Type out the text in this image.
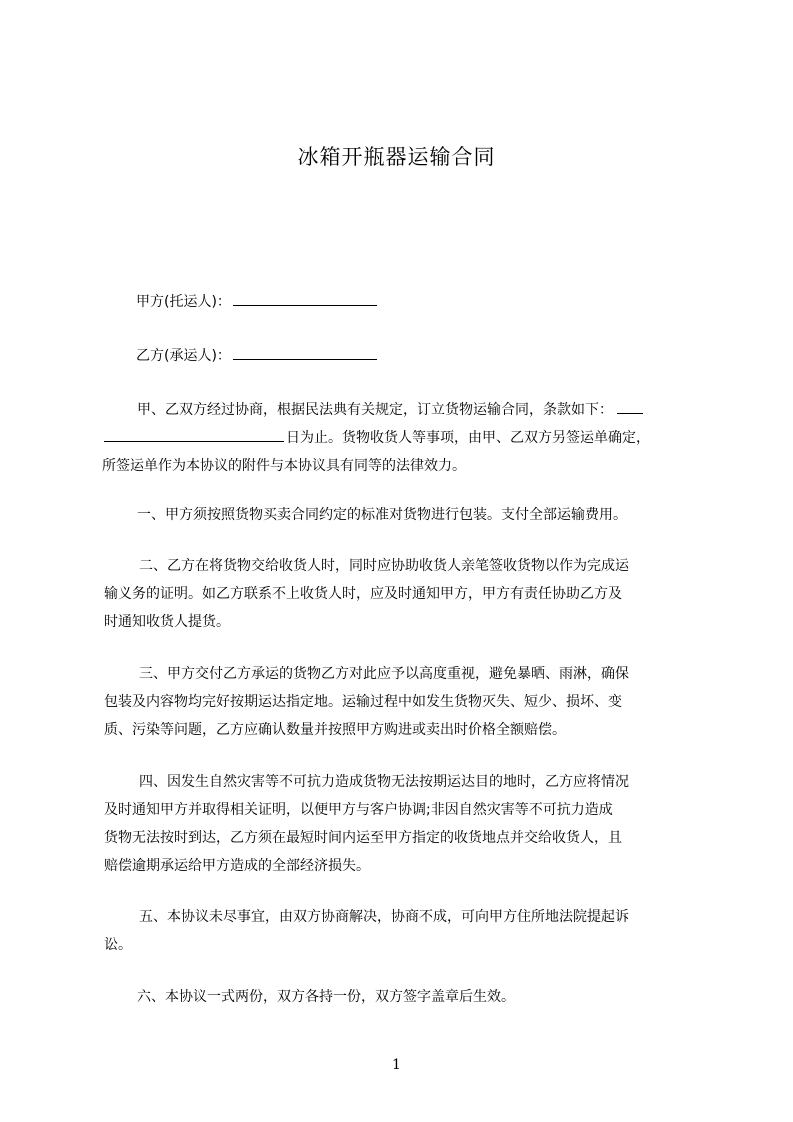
冰箱开瓶器运输合同
甲方(托运人)：
乙方(承运人)：
甲、乙双方经过协商，根据民法典有关规定，订立货物运输合同，条款如下：
日为止。货物收货人等事项，由甲、乙双方另签运单确定，
所签运单作为本协议的附件与本协议具有同等的法律效力。
一、甲方须按照货物买卖合同约定的标准对货物进行包装。支付全部运输费用。
二、乙方在将货物交给收货人时，同时应协助收货人亲笔签收货物以作为完成运
输义务的证明。如乙方联系不上收货人时，应及时通知甲方，甲方有责任协助乙方及
时通知收货人提货。
三、甲方交付乙方承运的货物乙方对此应予以高度重视，避免暴晒、雨淋，确保
包装及内容物均完好按期运达指定地。运输过程中如发生货物灭失、短少、损坏、变
质、污染等问题，乙方应确认数量并按照甲方购进或卖出时价格全额赔偿。
四、因发生自然灾害等不可抗力造成货物无法按期运达目的地时，乙方应将情况
及时通知甲方并取得相关证明，以便甲方与客户协调;非因自然灾害等不可抗力造成
货物无法按时到达，乙方须在最短时间内运至甲方指定的收货地点并交给收货人，且
赔偿逾期承运给甲方造成的全部经济损失。
五、本协议未尽事宜，由双方协商解决，协商不成，可向甲方住所地法院提起诉
讼。
六、本协议一式两份，双方各持一份，双方签字盖章后生效。
1
